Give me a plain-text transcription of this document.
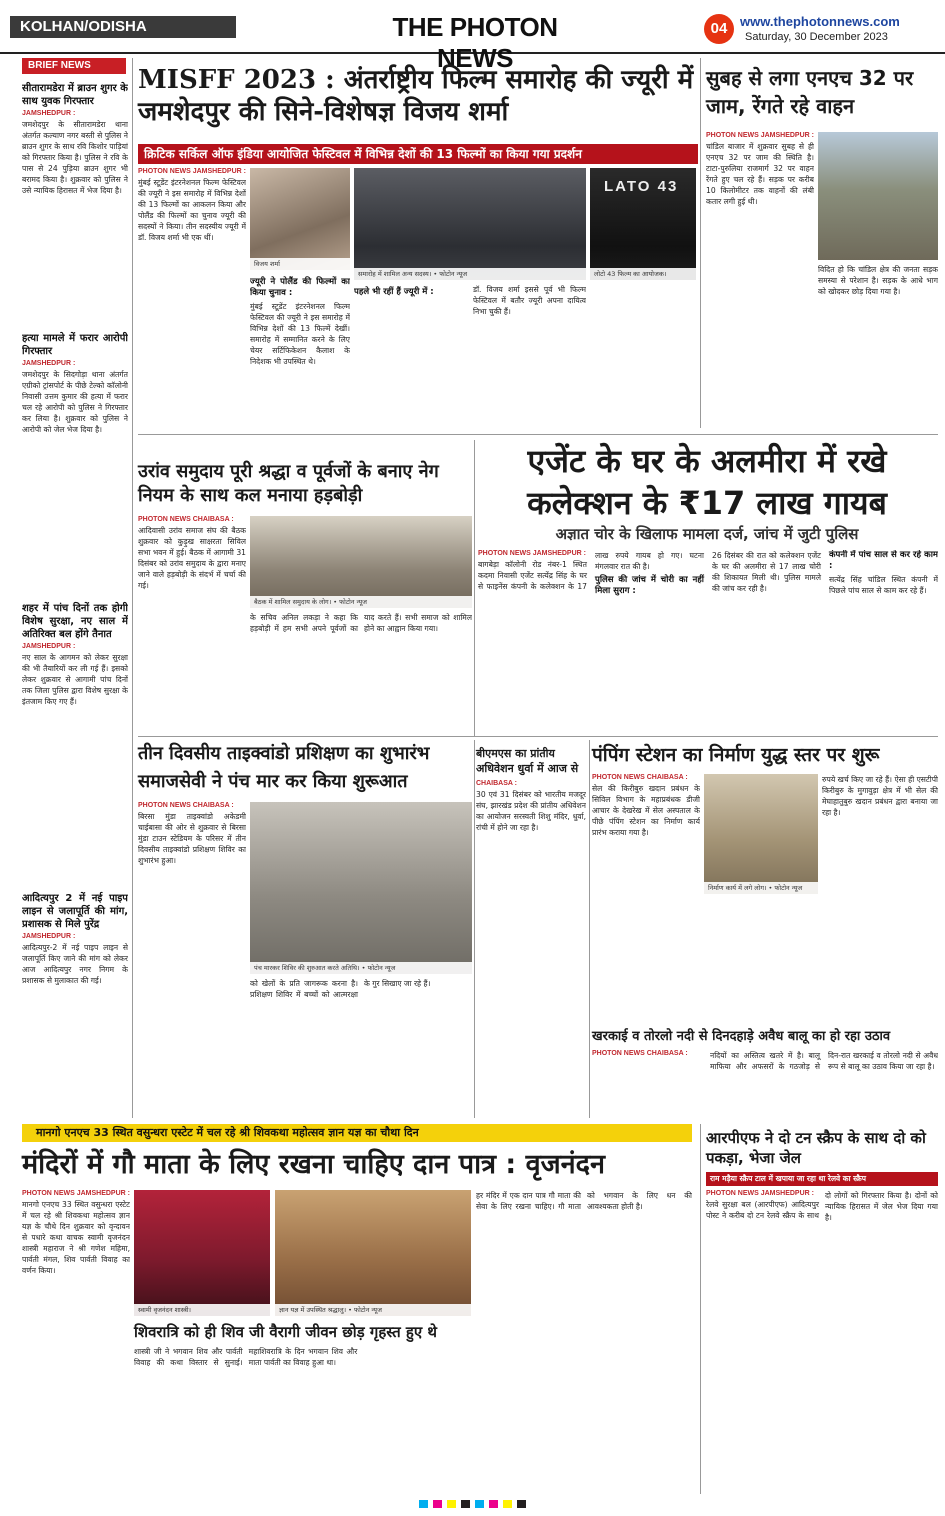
KOLHAN/ODISHA	THE PHOTON NEWS
04 www.thephotonnews.com
Saturday, 30 December 2023
BRIEF NEWS
सीतारामडेरा में ब्राउन शुगर के साथ युवक गिरफ्तार
JAMSHEDPUR :
जमशेदपुर के सीतारामडेरा थाना अंतर्गत कल्याण नगर बस्ती से पुलिस ने ब्राउन शुगर के साथ रवि किशोर पाड़ियां को गिरफ्तार किया है। पुलिस ने रवि के पास से 24 पुड़िया ब्राउन शुगर भी बरामद किया है। शुक्रवार को पुलिस ने उसे न्यायिक हिरासत में भेज दिया है।
हत्या मामले में फरार आरोपी गिरफ्तार
JAMSHEDPUR :
जमशेदपुर के सिदगोड़ा थाना अंतर्गत एग्रीको ट्रांसपोर्ट के पीछे टेल्को कॉलोनी निवासी उत्तम कुमार की हत्या में फरार चल रहे आरोपी को पुलिस ने गिरफ्तार कर लिया है। शुक्रवार को पुलिस ने आरोपी को जेल भेज दिया है।
शहर में पांच दिनों तक होगी विशेष सुरक्षा, नए साल में अतिरिक्त बल होंगे तैनात
JAMSHEDPUR :
नए साल के आगमन को लेकर सुरक्षा की भी तैयारियों कर ली गई हैं। इसको लेकर शुक्रवार से आगामी पांच दिनों तक जिला पुलिस द्वारा विशेष सुरक्षा के इंतजाम किए गए हैं।
आदित्यपुर 2 में नई पाइप लाइन से जलापूर्ति की मांग, प्रशासक से मिले पुरेंद्र
JAMSHEDPUR :
आदित्यपुर-2 में नई पाइप लाइन से जलापूर्ति किए जाने की मांग को लेकर आज आदित्यपुर नगर निगम के प्रशासक से मुलाकात की गई।
MISFF 2023 : अंतर्राष्ट्रीय फिल्म समारोह की ज्यूरी में जमशेदपुर की सिने-विशेषज्ञ विजय शर्मा
क्रिटिक सर्किल ऑफ इंडिया आयोजित फेस्टिवल में विभिन्न देशों की 13 फिल्मों का किया गया प्रदर्शन
PHOTON NEWS JAMSHEDPUR :
मुंबई स्टूडेंट इंटरनेशनल फिल्म फेस्टिवल की ज्यूरी ने इस समारोह में विभिन्न देशों की 13 फिल्मों का आकलन किया और पोलैंड की फिल्मों का चुनाव ज्यूरी की सदस्यों ने किया। तीन सदस्यीय ज्यूरी में डॉ. विजय शर्मा भी एक थीं।
विजय शर्मा
ज्यूरी ने पोलैंड की फिल्मों का किया चुनाव :
मुंबई स्टूडेंट इंटरनेशनल फिल्म फेस्टिवल की ज्यूरी ने इस समारोह में विभिन्न देशों की 13 फिल्में देखीं। समारोह में सम्मानित करने के लिए चेयर सर्टिफिकेशन कैलाश के निदेशक भी उपस्थित थे।
समारोह में शामिल अन्य सदस्य। • फोटोन न्यूज
पहले भी रहीं हैं ज्यूरी में :	डॉ. विजय शर्मा इससे पूर्व भी फिल्म फेस्टिवल में बतौर ज्यूरी अपना दायित्व निभा चुकी हैं।
LATO 43
लोटो 43 फिल्म का आयोजक।
सुबह से लगा एनएच 32 पर जाम, रेंगते रहे वाहन
PHOTON NEWS JAMSHEDPUR :
चांडिल बाजार में शुक्रवार सुबह से ही एनएच 32 पर जाम की स्थिति है। टाटा-पुरुलिया राजमार्ग 32 पर वाहन रेंगते हुए चल रहे हैं। सड़क पर करीब 10 किलोमीटर तक वाहनों की लंबी कतार लगी हुई थी।
विदित हो कि चांडिल क्षेत्र की जनता सड़क समस्या से परेशान है। सड़क के आधे भाग को खोदकर छोड़ दिया गया है।
उरांव समुदाय पूरी श्रद्धा व पूर्वजों के बनाए नेग नियम के साथ कल मनाया हड़बोड़ी
PHOTON NEWS CHAIBASA :
आदिवासी उरांव समाज संघ की बैठक शुक्रवार को कुड़ुख साक्षरता सिविल सभा भवन में हुई। बैठक में आगामी 31 दिसंबर को उरांव समुदाय के द्वारा मनाए जाने वाले हड़बोड़ी के संदर्भ में चर्चा की गई।
बैठक में शामिल समुदाय के लोग। • फोटोन न्यूज
के सचिव अनिल लकड़ा ने कहा कि हड़बोड़ी में हम सभी अपने पूर्वजों का याद करते हैं। सभी समाज को शामिल होने का आह्वान किया गया।
एजेंट के घर के अलमीरा में रखे कलेक्शन के ₹17 लाख गायब
अज्ञात चोर के खिलाफ मामला दर्ज, जांच में जुटी पुलिस
PHOTON NEWS JAMSHEDPUR :
बागबेड़ा कॉलोनी रोड नंबर-1 स्थित कदमा निवासी एजेंट सत्येंद्र सिंह के घर से फाइनेंस कंपनी के कलेक्शन के 17 लाख रुपये गायब हो गए। घटना मंगलवार रात की है।
पुलिस की जांच में चोरी का नहीं मिला सुराग :
26 दिसंबर की रात को कलेक्शन एजेंट के घर की अलमीरा से 17 लाख चोरी की शिकायत मिली थी। पुलिस मामले की जांच कर रही है।
कंपनी में पांच साल से कर रहे काम :
सत्येंद्र सिंह चांडिल स्थित कंपनी में पिछले पांच साल से काम कर रहे हैं।
तीन दिवसीय ताइक्वांडो प्रशिक्षण का शुभारंभ समाजसेवी ने पंच मार कर किया शुरूआत
PHOTON NEWS CHAIBASA :
बिरसा मुंडा ताइक्वांडो अकेडमी चाईबासा की ओर से शुक्रवार से बिरसा मुंडा टाउन स्टेडियम के परिसर में तीन दिवसीय ताइक्वांडो प्रशिक्षण शिविर का शुभारंभ हुआ।
पंच मारकर शिविर की शुरुआत करते अतिथि। • फोटोन न्यूज
को खेलों के प्रति जागरूक करना है। प्रशिक्षण शिविर में बच्चों को आत्मरक्षा के गुर सिखाए जा रहे हैं।
बीएमएस का प्रांतीय अधिवेशन धुर्वा में आज से
CHAIBASA :
30 एवं 31 दिसंबर को भारतीय मजदूर संघ, झारखंड प्रदेश की प्रांतीय अधिवेशन का आयोजन सरस्वती शिशु मंदिर, धुर्वा, रांची में होने जा रहा है।
पंपिंग स्टेशन का निर्माण युद्ध स्तर पर शुरू
PHOTON NEWS CHAIBASA :
सेल की किरीबुरु खदान प्रबंधन के सिविल विभाग के महाप्रबंधक डीजी आचार के देखरेख में सेल अस्पताल के पीछे पंपिंग स्टेशन का निर्माण कार्य प्रारंभ कराया गया है।
निर्माण कार्य में लगे लोग। • फोटोन न्यूज
रुपये खर्च किए जा रहे हैं। ऐसा ही एसटीपी किरीबुरु के मुगावुड़ा क्षेत्र में भी सेल की मेघाहातुबुरु खदान प्रबंधन द्वारा बनाया जा रहा है।
खरकाई व तोरलो नदी से दिनदहाड़े अवैध बालू का हो रहा उठाव
PHOTON NEWS CHAIBASA :	नदियों का अस्तित्व खतरे में है। बालू माफिया और अफसरों के गठजोड़ से दिन-रात खरकाई व तोरलो नदी से अवैध रूप से बालू का उठाव किया जा रहा है।
मानगो एनएच 33 स्थित वसुन्धरा एस्टेट में चल रहे श्री शिवकथा महोत्सव ज्ञान यज्ञ का चौथा दिन
मंदिरों में गौ माता के लिए रखना चाहिए दान पात्र : वृजनंदन
PHOTON NEWS JAMSHEDPUR :
मानगो एनएच 33 स्थित वसुन्धरा एस्टेट में चल रहे श्री शिवकथा महोत्सव ज्ञान यज्ञ के चौथे दिन शुक्रवार को वृन्दावन से पधारे कथा वाचक स्वामी वृजनंदन शास्त्री महाराज ने श्री गणेश महिमा, पार्वती मंगल, शिव पार्वती विवाह का वर्णन किया।
स्वामी वृजनंदन शास्त्री।	ज्ञान यज्ञ में उपस्थित श्रद्धालु। • फोटोन न्यूज
हर मंदिर में एक दान पात्र गौ माता की सेवा के लिए रखना चाहिए। गौ माता को भगवान के लिए धन की आवश्यकता होती है।
शिवरात्रि को ही शिव जी वैरागी जीवन छोड़ गृहस्त हुए थे
शास्त्री जी ने भगवान शिव और पार्वती विवाह की कथा विस्तार से सुनाई। महाशिवरात्रि के दिन भगवान शिव और माता पार्वती का विवाह हुआ था।
आरपीएफ ने दो टन स्क्रैप के साथ दो को पकड़ा, भेजा जेल
राम मड़ैया स्क्रैप टाल में खपाया जा रहा था रेलवे का स्क्रैप
PHOTON NEWS JAMSHEDPUR :
रेलवे सुरक्षा बल (आरपीएफ) आदित्यपुर पोस्ट ने करीब दो टन रेलवे स्क्रैप के साथ दो लोगों को गिरफ्तार किया है। दोनों को न्यायिक हिरासत में जेल भेज दिया गया है।
